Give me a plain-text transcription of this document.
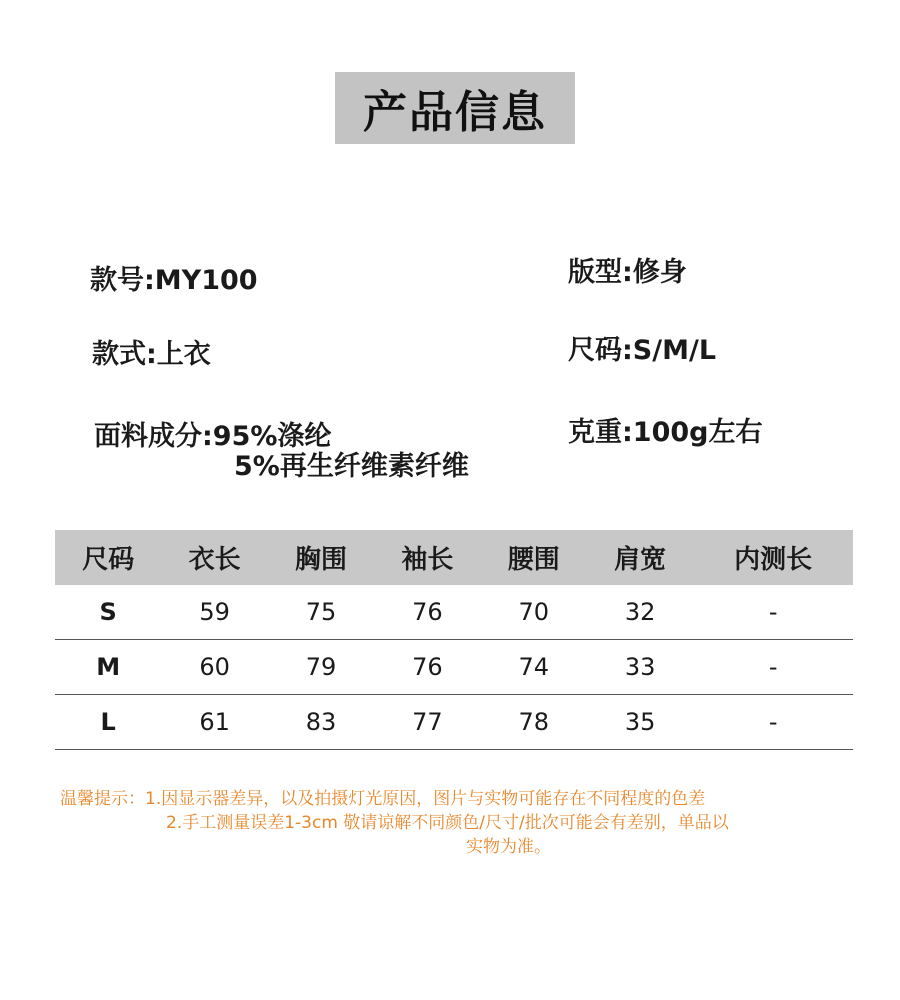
产品信息
款号:MY100	版型:修身
款式:上衣	尺码:S/M/L
面料成分:95%涤纶
5%再生纤维素纤维
克重:100g左右
尺码	衣长	胸围	袖长	腰围	肩宽	内测长
S	59	75	76	70	32	-
M	60	79	76	74	33	-
L	61	83	77	78	35	-
温馨提示：1.因显示器差异，以及拍摄灯光原因，图片与实物可能存在不同程度的色差
2.手工测量误差1-3cm 敬请谅解不同颜色/尺寸/批次可能会有差别，单品以
实物为准。
